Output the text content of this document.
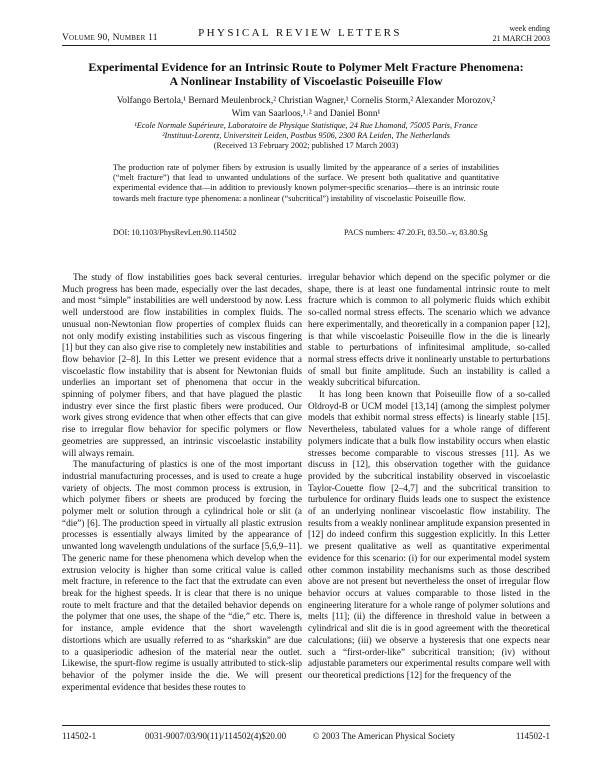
Volume 90, Number 11	PHYSICAL REVIEW LETTERS	week ending
21 MARCH 2003
Experimental Evidence for an Intrinsic Route to Polymer Melt Fracture Phenomena:
A Nonlinear Instability of Viscoelastic Poiseuille Flow
Volfango Bertola,¹ Bernard Meulenbrock,² Christian Wagner,¹ Cornelis Storm,² Alexander Morozov,²
Wim van Saarloos,¹˒² and Daniel Bonn¹
¹Ecole Normale Supérieure, Laboratoire de Physique Statistique, 24 Rue Lhomond, 75005 Paris, France
²Instituut-Lorentz, Universiteit Leiden, Postbus 9506, 2300 RA Leiden, The Netherlands
(Received 13 February 2002; published 17 March 2003)
The production rate of polymer fibers by extrusion is usually limited by the appearance of a series of instabilities (“melt fracture”) that lead to unwanted undulations of the surface. We present both qualitative and quantitative experimental evidence that—in addition to previously known polymer-specific scenarios—there is an intrinsic route towards melt fracture type phenomena: a nonlinear (“subcritical”) instability of viscoelastic Poiseuille flow.
DOI: 10.1103/PhysRevLett.90.114502	PACS numbers: 47.20.Ft, 83.50.–v, 83.80.Sg

The study of flow instabilities goes back several centuries. Much progress has been made, especially over the last decades, and most “simple” instabilities are well understood by now. Less well understood are flow instabilities in complex fluids. The unusual non-Newtonian flow properties of complex fluids can not only modify existing instabilities such as viscous fingering [1] but they can also give rise to completely new instabilities and flow behavior [2–8]. In this Letter we present evidence that a viscoelastic flow instability that is absent for Newtonian fluids underlies an important set of phenomena that occur in the spinning of polymer fibers, and that have plagued the plastic industry ever since the first plastic fibers were produced. Our work gives strong evidence that when other effects that can give rise to irregular flow behavior for specific polymers or flow geometries are suppressed, an intrinsic viscoelastic instability will always remain.

The manufacturing of plastics is one of the most important industrial manufacturing processes, and is used to create a huge variety of objects. The most common process is extrusion, in which polymer fibers or sheets are produced by forcing the polymer melt or solution through a cylindrical hole or slit (a “die”) [6]. The production speed in virtually all plastic extrusion processes is essentially always limited by the appearance of unwanted long wavelength undulations of the surface [5,6,9–11]. The generic name for these phenomena which develop when the extrusion velocity is higher than some critical value is called melt fracture, in reference to the fact that the extrudate can even break for the highest speeds. It is clear that there is no unique route to melt fracture and that the detailed behavior depends on the polymer that one uses, the shape of the “die,” etc. There is, for instance, ample evidence that the short wavelength distortions which are usually referred to as “sharkskin” are due to a quasiperiodic adhesion of the material near the outlet. Likewise, the spurt-flow regime is usually attributed to stick-slip behavior of the polymer inside the die. We will present experimental evidence that besides these routes to

irregular behavior which depend on the specific polymer or die shape, there is at least one fundamental intrinsic route to melt fracture which is common to all polymeric fluids which exhibit so-called normal stress effects. The scenario which we advance here experimentally, and theoretically in a companion paper [12], is that while viscoelastic Poiseuille flow in the die is linearly stable to perturbations of infinitesimal amplitude, so-called normal stress effects drive it nonlinearly unstable to perturbations of small but finite amplitude. Such an instability is called a weakly subcritical bifurcation.

It has long been known that Poiseuille flow of a so-called Oldroyd-B or UCM model [13,14] (among the simplest polymer models that exhibit normal stress effects) is linearly stable [15]. Nevertheless, tabulated values for a whole range of different polymers indicate that a bulk flow instability occurs when elastic stresses become comparable to viscous stresses [11]. As we discuss in [12], this observation together with the guidance provided by the subcritical instability observed in viscoelastic Taylor-Couette flow [2–4,7] and the subcritical transition to turbulence for ordinary fluids leads one to suspect the existence of an underlying nonlinear viscoelastic flow instability. The results from a weakly nonlinear amplitude expansion presented in [12] do indeed confirm this suggestion explicitly. In this Letter we present qualitative as well as quantitative experimental evidence for this scenario: (i) for our experimental model system other common instability mechanisms such as those described above are not present but nevertheless the onset of irregular flow behavior occurs at values comparable to those listed in the engineering literature for a whole range of polymer solutions and melts [11]; (ii) the difference in threshold value in between a cylindrical and slit die is in good agreement with the theoretical calculations; (iii) we observe a hysteresis that one expects near such a “first-order-like” subcritical transition; (iv) without adjustable parameters our experimental results compare well with our theoretical predictions [12] for the frequency of the

114502-1	0031-9007/03/90(11)/114502(4)$20.00	© 2003 The American Physical Society	114502-1
